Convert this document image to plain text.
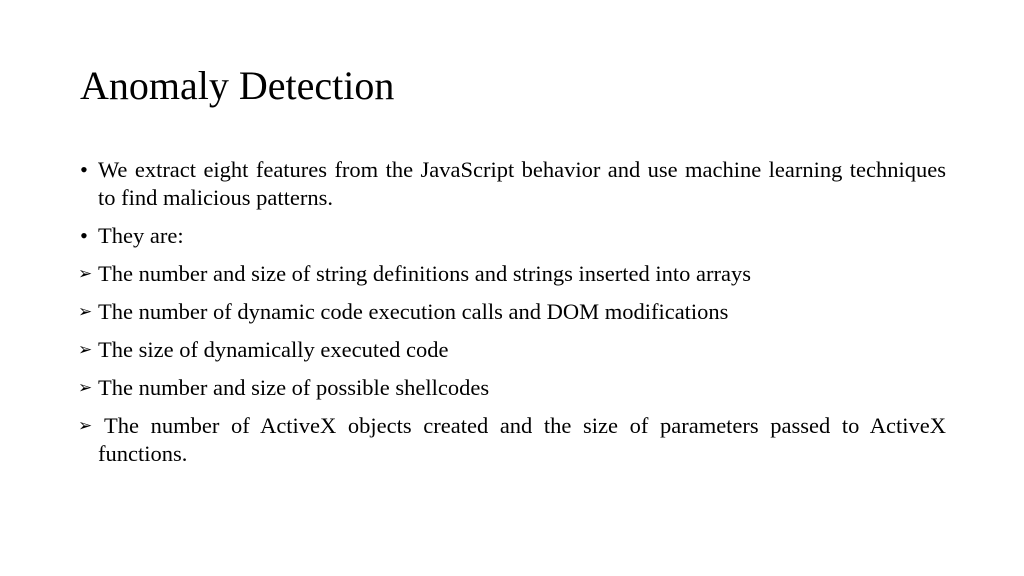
Anomaly Detection
• We extract eight features from the JavaScript behavior and use machine learning techniques to find malicious patterns.
• They are:
➢ The number and size of string definitions and strings inserted into arrays
➢ The number of dynamic code execution calls and DOM modifications
➢ The size of dynamically executed code
➢ The number and size of possible shellcodes
➢ The number of ActiveX objects created and the size of parameters passed to ActiveX functions.
